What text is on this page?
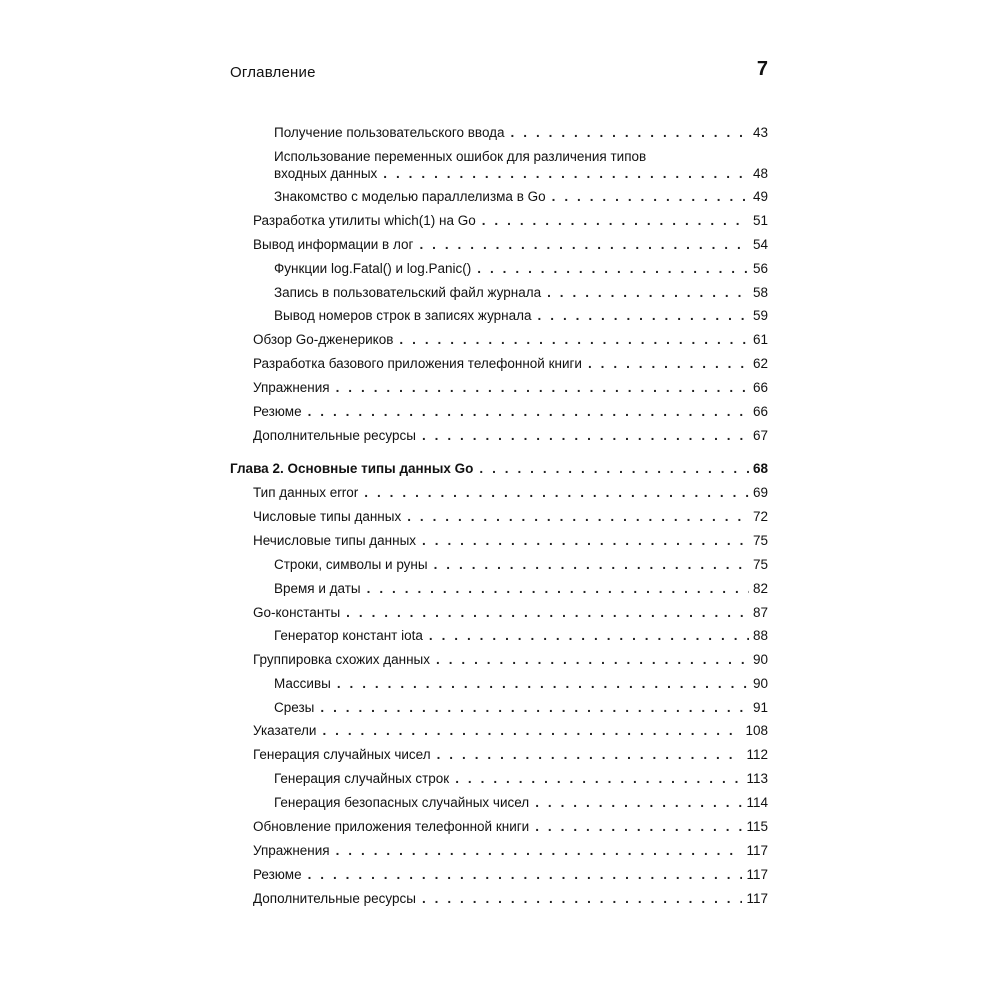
Оглавление	7
Получение пользовательского ввода . . .	43
Использование переменных ошибок для различения типов
входных данных . . .	48
Знакомство с моделью параллелизма в Go . . .	49
Разработка утилиты which(1) на Go . . .	51
Вывод информации в лог . . .	54
Функции log.Fatal() и log.Panic() . . .	56
Запись в пользовательский файл журнала . . .	58
Вывод номеров строк в записях журнала . . .	59
Обзор Go-дженериков . . .	61
Разработка базового приложения телефонной книги . . .	62
Упражнения . . .	66
Резюме . . .	66
Дополнительные ресурсы . . .	67
Глава 2. Основные типы данных Go . . .	68
Тип данных error . . .	69
Числовые типы данных . . .	72
Нечисловые типы данных . . .	75
Строки, символы и руны . . .	75
Время и даты . . .	82
Go-константы . . .	87
Генератор констант iota . . .	88
Группировка схожих данных . . .	90
Массивы . . .	90
Срезы . . .	91
Указатели . . .	108
Генерация случайных чисел . . .	112
Генерация случайных строк . . .	113
Генерация безопасных случайных чисел . . .	114
Обновление приложения телефонной книги . . .	115
Упражнения . . .	117
Резюме . . .	117
Дополнительные ресурсы . . .	117
